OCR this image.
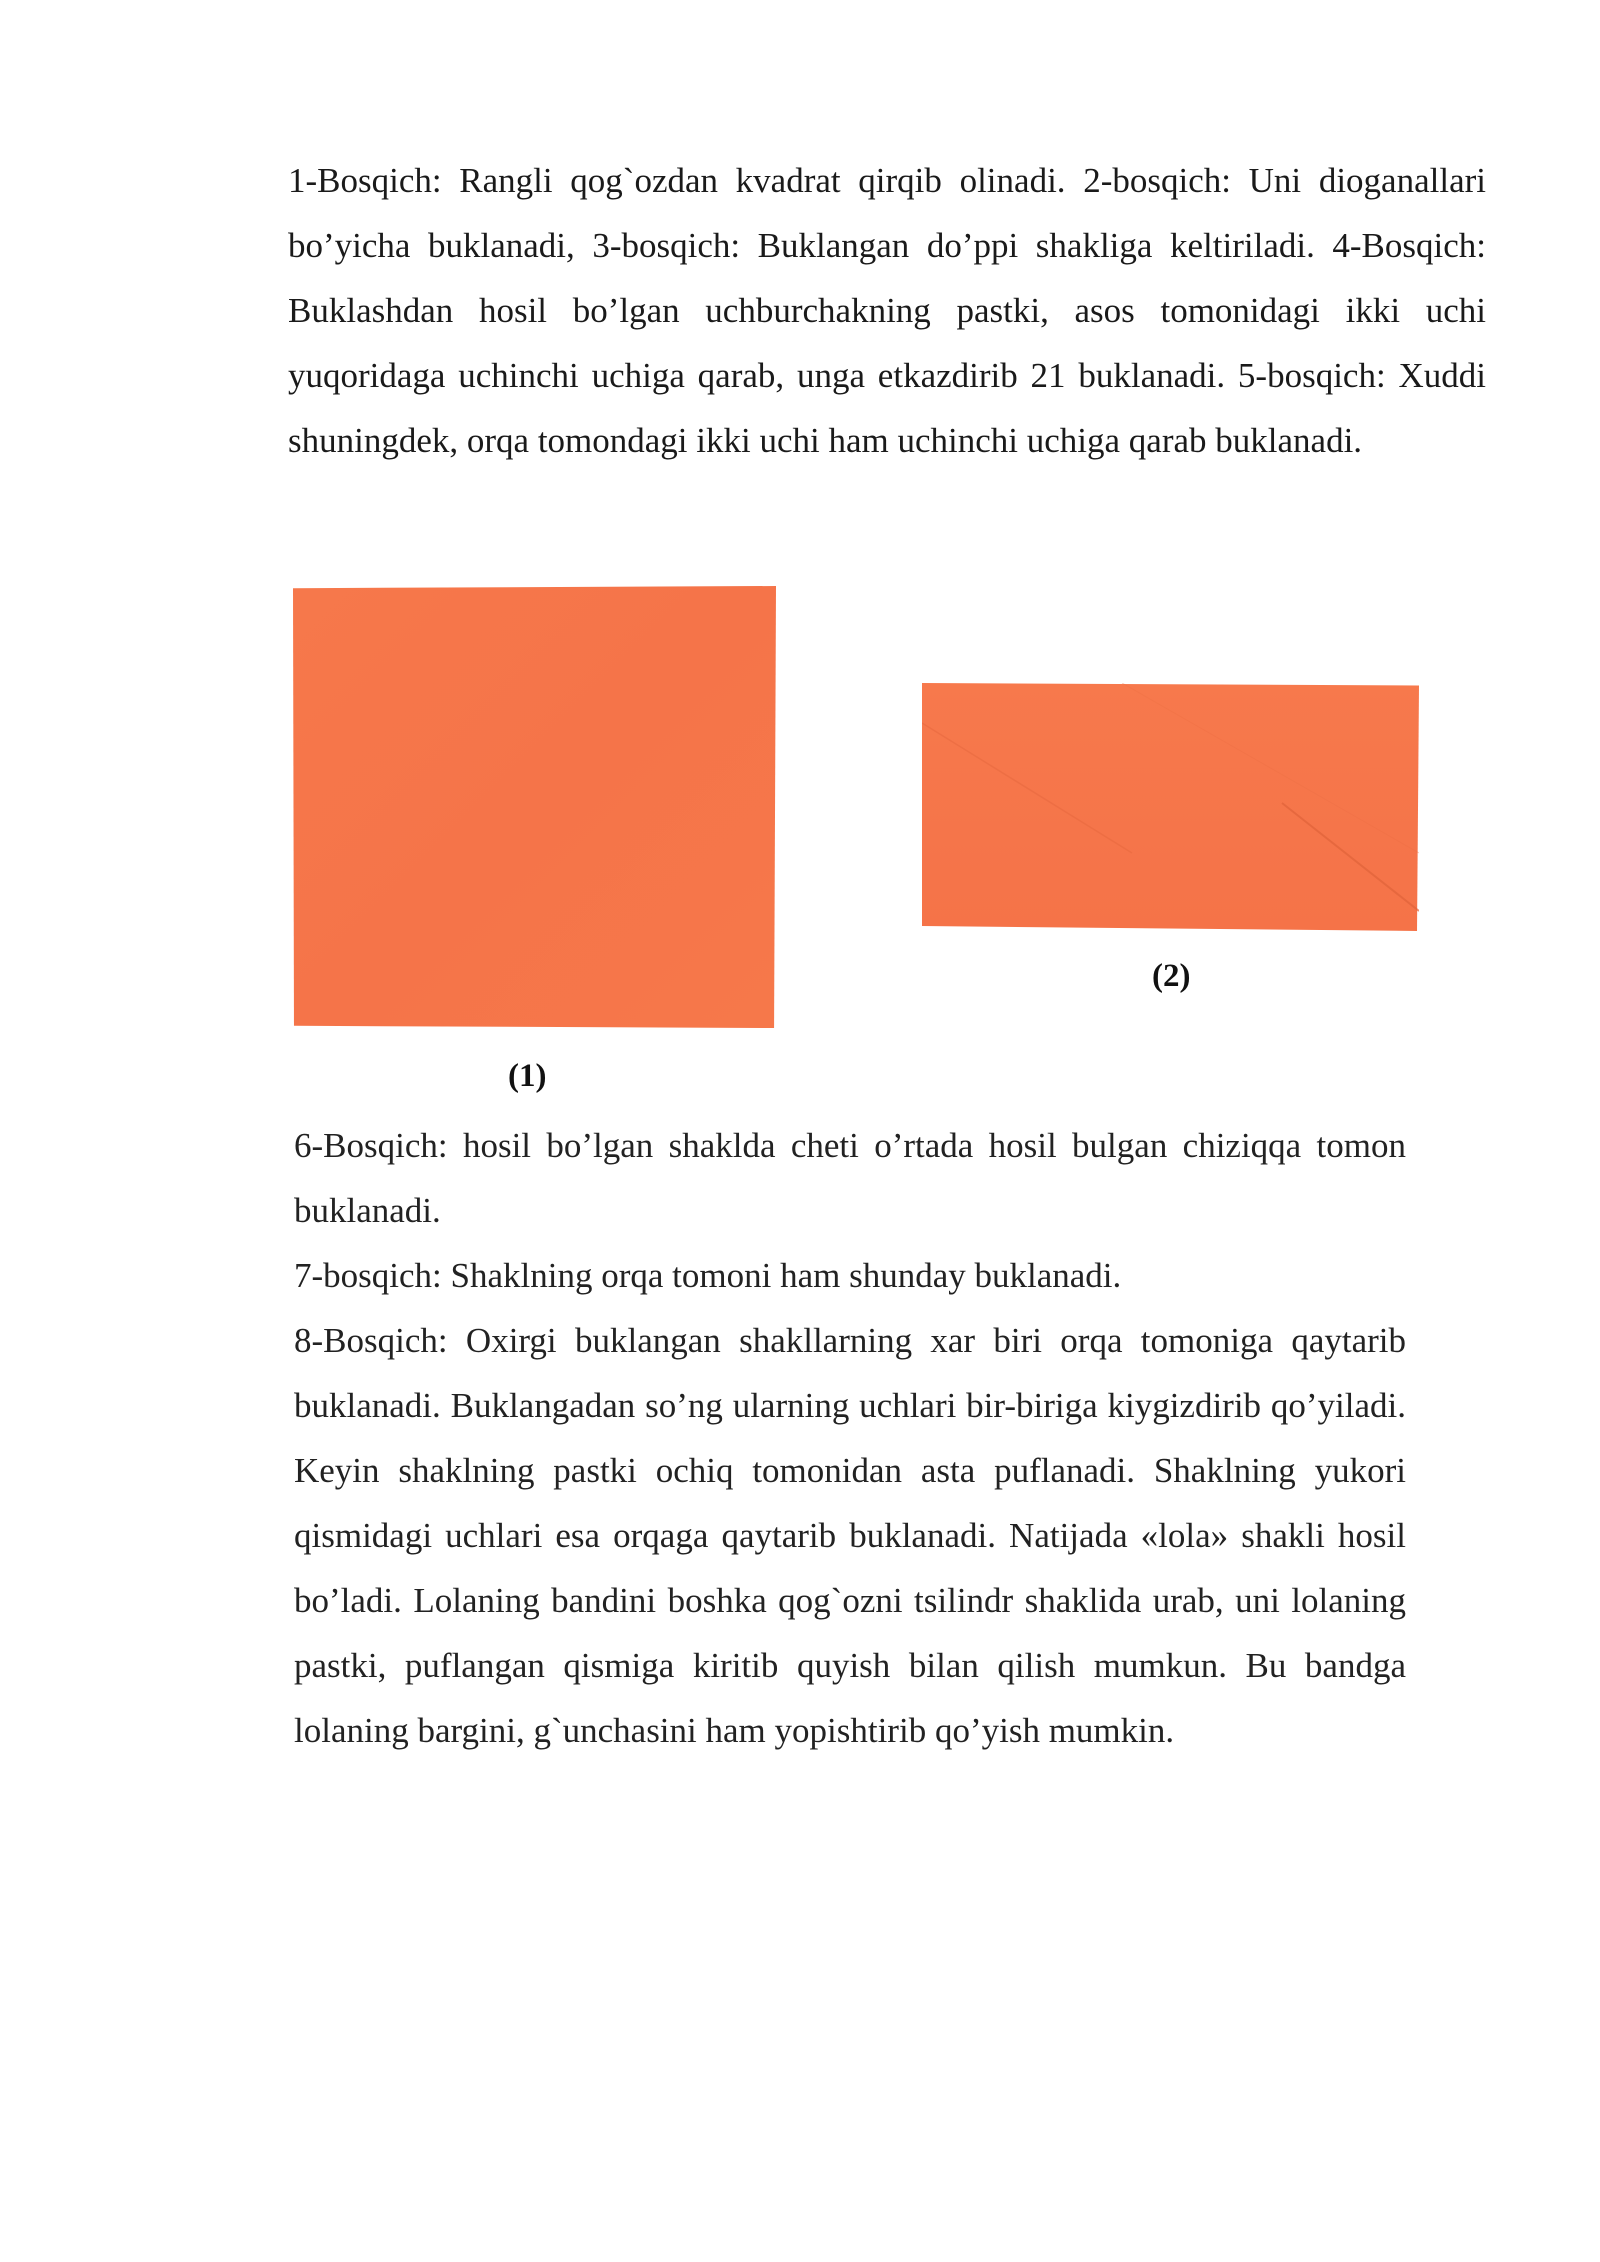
1-Bosqich: Rangli qog`ozdan kvadrat qirqib olinadi. 2-bosqich: Uni dioganallari bo’yicha buklanadi, 3-bosqich: Buklangan do’ppi shakliga keltiriladi. 4-Bosqich: Buklashdan hosil bo’lgan uchburchakning pastki, asos tomonidagi ikki uchi yuqoridaga uchinchi uchiga qarab, unga etkazdirib 21 buklanadi. 5-bosqich: Xuddi shuningdek, orqa tomondagi ikki uchi ham uchinchi uchiga qarab buklanadi.

(1)
(2)

6-Bosqich: hosil bo’lgan shaklda cheti o’rtada hosil bulgan chiziqqa tomon buklanadi.

7-bosqich: Shaklning orqa tomoni ham shunday buklanadi.

8-Bosqich: Oxirgi buklangan shakllarning xar biri orqa tomoniga qaytarib buklanadi. Buklangadan so’ng ularning uchlari bir-biriga kiygizdirib qo’yiladi. Keyin shaklning pastki ochiq tomonidan asta puflanadi. Shaklning yukori qismidagi uchlari esa orqaga qaytarib buklanadi. Natijada «lola» shakli hosil bo’ladi. Lolaning bandini boshka qog`ozni tsilindr shaklida urab, uni lolaning pastki, puflangan qismiga kiritib quyish bilan qilish mumkun. Bu bandga lolaning bargini, g`unchasini ham yopishtirib qo’yish mumkin.
